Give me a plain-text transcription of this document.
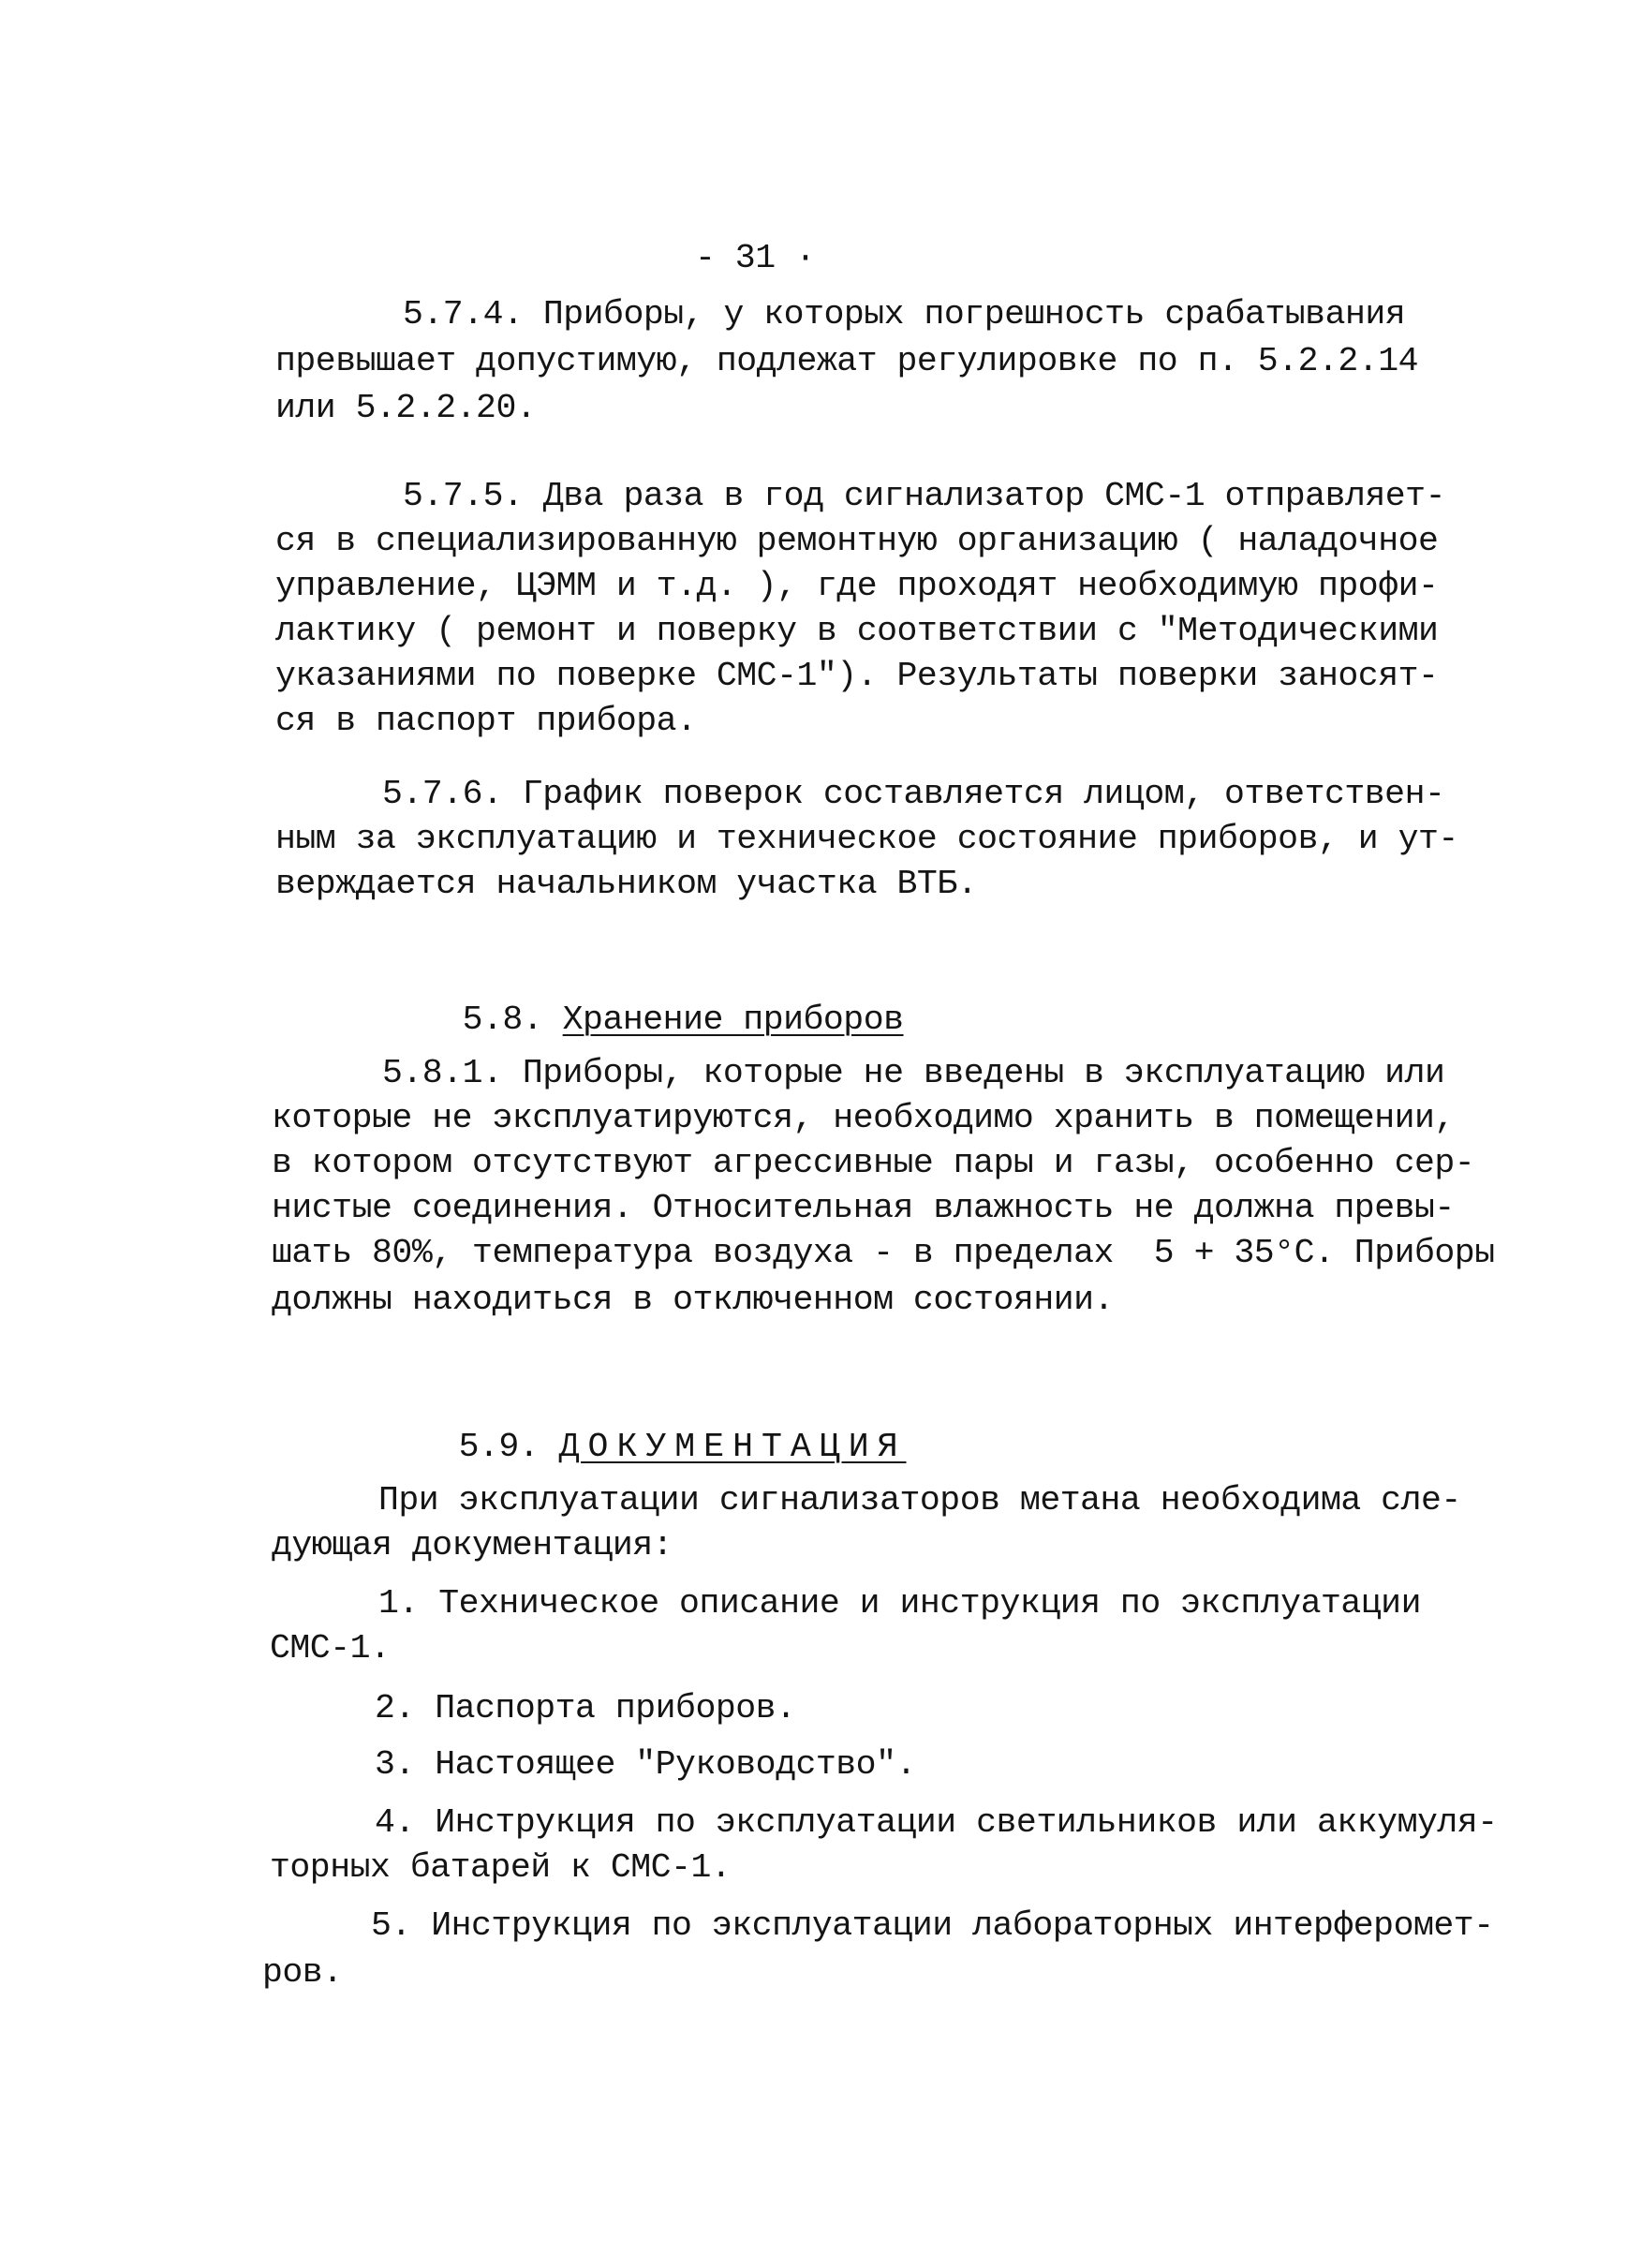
- 31 ·
5.7.4. Приборы, у которых погрешность срабатывания
превышает допустимую, подлежат регулировке по п. 5.2.2.14
или 5.2.2.20.
5.7.5. Два раза в год сигнализатор СМС-1 отправляет-
ся в специализированную ремонтную организацию ( наладочное
управление, ЦЭММ и т.д. ), где проходят необходимую профи-
лактику ( ремонт и поверку в соответствии с "Методическими
указаниями по поверке СМС-1"). Результаты поверки заносят-
ся в паспорт прибора.
5.7.6. График поверок составляется лицом, ответствен-
ным за эксплуатацию и техническое состояние приборов, и ут-
верждается начальником участка ВТБ.

5.8. Хранение приборов

5.8.1. Приборы, которые не введены в эксплуатацию или
которые не эксплуатируются, необходимо хранить в помещении,
в котором отсутствуют агрессивные пары и газы, особенно сер-
нистые соединения. Относительная влажность не должна превы-
шать 80%, температура воздуха - в пределах  5 + 35°С. Приборы
должны находиться в отключенном состоянии.

5.9. ДОКУМЕНТАЦИЯ

При эксплуатации сигнализаторов метана необходима сле-
дующая документация:
1. Техническое описание и инструкция по эксплуатации
СМС-1.
2. Паспорта приборов.
3. Настоящее "Руководство".
4. Инструкция по эксплуатации светильников или аккумуля-
торных батарей к СМС-1.
5. Инструкция по эксплуатации лабораторных интерферомет-
ров.
